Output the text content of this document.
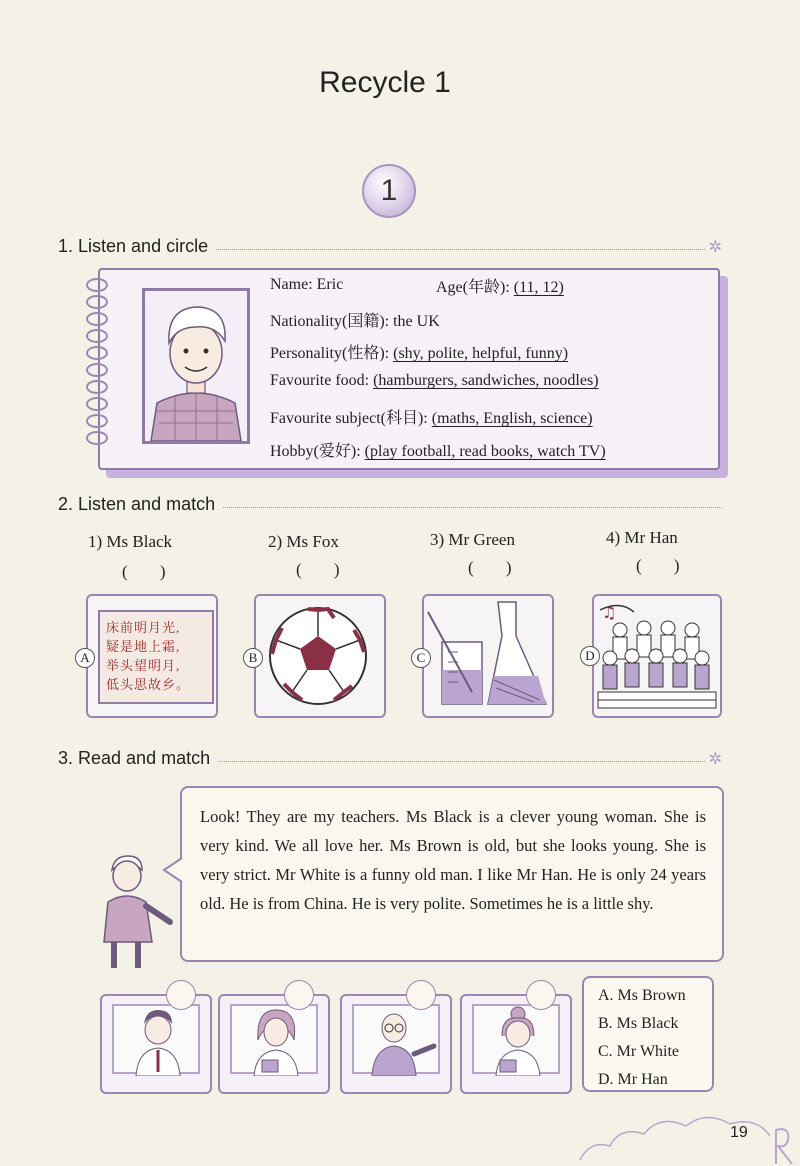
Recycle 1
1
1. Listen and circle	✲
Name: Eric	Age(年龄): (11, 12)
Nationality(国籍): the UK
Personality(性格): (shy, polite, helpful, funny)
Favourite food: (hamburgers, sandwiches, noodles)
Favourite subject(科目): (maths, English, science)
Hobby(爱好): (play football, read books, watch TV)
2. Listen and match
1) Ms Black	2) Ms Fox	3) Mr Green	4) Mr Han
( )	( )	( )	( )
床前明月光,
疑是地上霜,
举头望明月,
低头思故乡。
A	B	C
♫
D
3. Read and match	✲
Look! They are my teachers. Ms Black is a clever young woman. She is very kind. We all love her. Ms Brown is old, but she looks young. She is very strict. Mr White is a funny old man. I like Mr Han. He is only 24 years old. He is from China. He is very polite. Sometimes he is a little shy.
A. Ms Brown
B. Ms Black
C. Mr White
D. Mr Han
19
